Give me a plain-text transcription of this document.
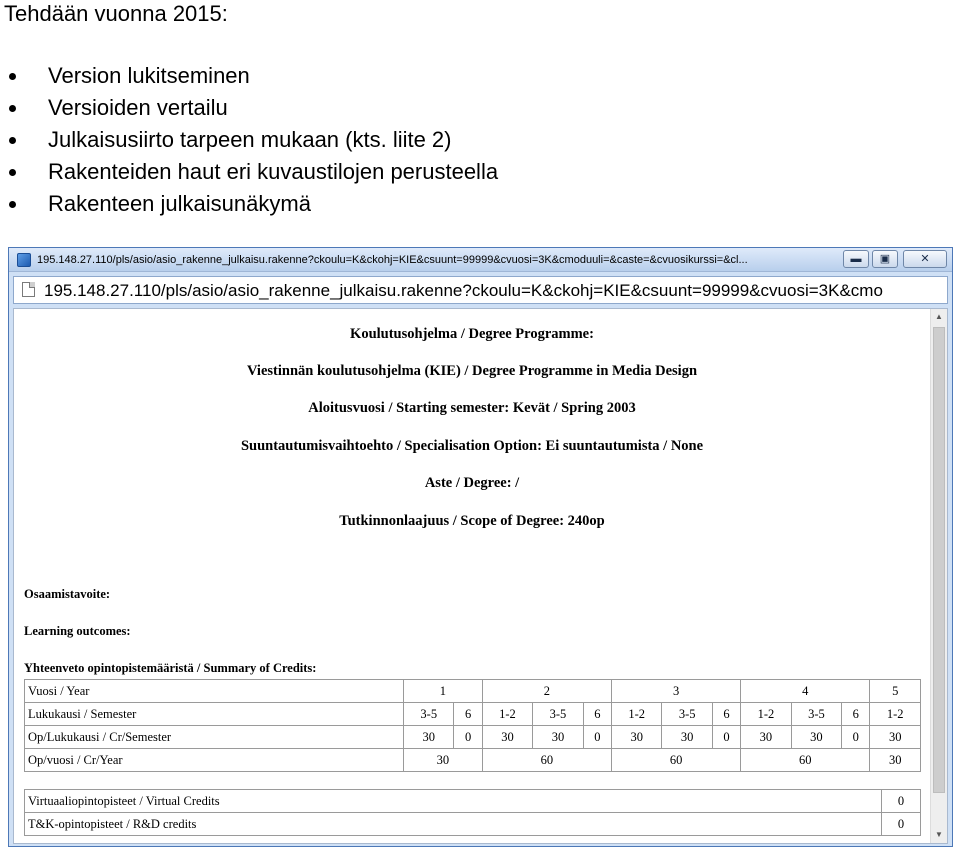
Tehdään vuonna 2015:
Version lukitseminen
Versioiden vertailu
Julkaisusiirto tarpeen mukaan (kts. liite 2)
Rakenteiden haut eri kuvaustilojen perusteella
Rakenteen julkaisunäkymä
195.148.27.110/pls/asio/asio_rakenne_julkaisu.rakenne?ckoulu=K&ckohj=KIE&csuunt=99999&cvuosi=3K&cmoduuli=&caste=&cvuosikurssi=&cl...	▬	▣	✕
195.148.27.110/pls/asio/asio_rakenne_julkaisu.rakenne?ckoulu=K&ckohj=KIE&csuunt=99999&cvuosi=3K&cmo
Koulutusohjelma / Degree Programme:
Viestinnän koulutusohjelma (KIE) / Degree Programme in Media Design
Aloitusvuosi / Starting semester: Kevät / Spring 2003
Suuntautumisvaihtoehto / Specialisation Option: Ei suuntautumista / None
Aste / Degree: /
Tutkinnonlaajuus / Scope of Degree: 240op
Osaamistavoite:
Learning outcomes:
Yhteenveto opintopistemääristä / Summary of Credits:
Vuosi / Year	1		2			3			4			5
Lukukausi / Semester	3-5	6	1-2	3-5	6	1-2	3-5	6	1-2	3-5	6	1-2
Op/Lukukausi / Cr/Semester	30	0	30	30	0	30	30	0	30	30	0	30
Op/vuosi / Cr/Year	30		60			60			60			30
Virtuaaliopintopisteet / Virtual Credits	0
T&K-opintopisteet / R&D credits	0
▲
▼
